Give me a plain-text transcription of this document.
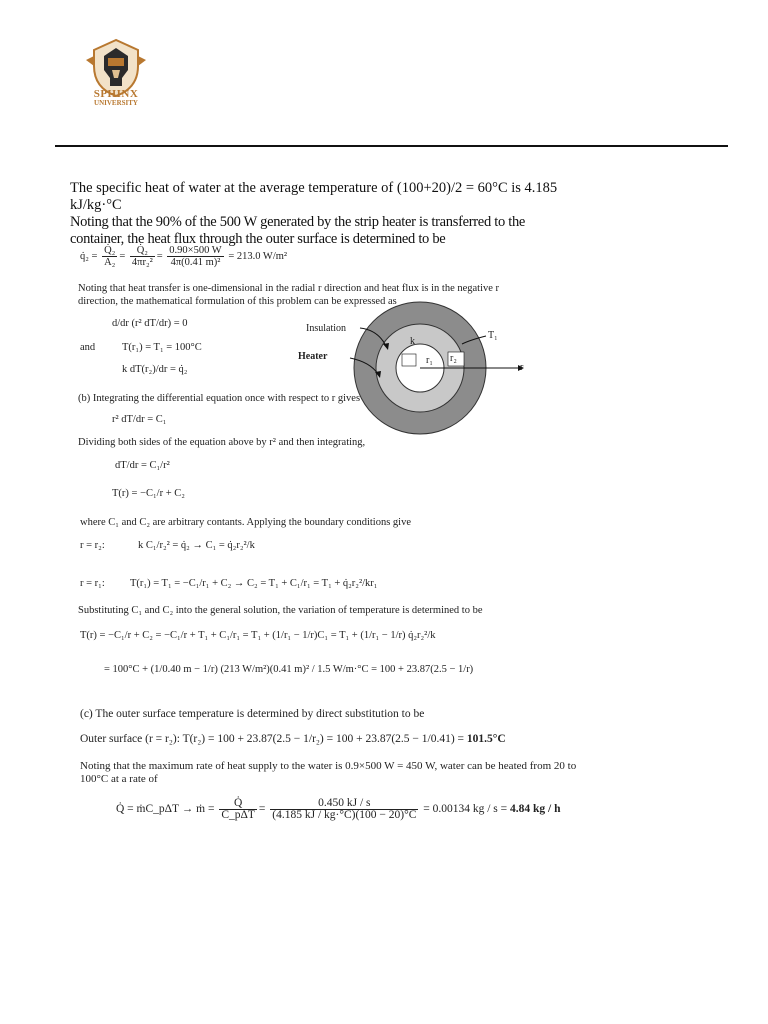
SPHINX
UNIVERSITY
The specific heat of water at the average temperature of (100+20)/2 = 60°C is 4.185 kJ/kg·°C
Noting that the 90% of the 500 W generated by the strip heater is transferred to the container, the heat flux through the outer surface is determined to be
q̇₂ = $\frac{\text{Q̇₂}}{\text{A₂}} = \frac{\text{Q̇₂}}{\text{4πr₂²}} = \frac{0.90\times 500 W}{\text{4π(0.41 m)²}} = 213.0$ W/m²
Noting that heat transfer is one-dimensional in the radial r direction and heat flux is in the negative r direction, the mathematical formulation of this problem can be expressed as
d/dr (r² dT/dr) = 0
and	T(r₁) = T₁ = 100°C
k dT(r₂)/dr = q̇₂
Insulation
Heater
T₁
k
r₁ r₂
r
(b) Integrating the differential equation once with respect to r gives
r² dT/dr = C₁
Dividing both sides of the equation above by r² and then integrating,
dT/dr = C₁/r²
T(r) = −C₁/r + C₂
where C₁ and C₂ are arbitrary contants. Applying the boundary conditions give
r = r₂:	k C₁/r₂² = q̇₂ → C₁ = q̇₂r₂²/k
r = r₁: T(r₁) = T₁ = −C₁/r₁ + C₂ → C₂ = T₁ + C₁/r₁ = T₁ + q̇₂r₂²/kr₁
Substituting C₁ and C₂ into the general solution, the variation of temperature is determined to be
T(r) = −C₁/r + C₂ = −C₁/r + T₁ + C₁/r₁ = T₁ + (1/r₁ − 1/r)C₁ = T₁ + (1/r₁ − 1/r) q̇₂r₂²/k
= 100°C + (1/0.40 m − 1/r) (213 W/m²)(0.41 m)² / 1.5 W/m·°C = 100 + 23.87(2.5 − 1/r)
(c) The outer surface temperature is determined by direct substitution to be
Outer surface (r = r₂): T(r₂) = 100 + 23.87(2.5 − 1/r₂) = 100 + 23.87(2.5 − 1/0.41) = 101.5°C
Noting that the maximum rate of heat supply to the water is 0.9×500 W = 450 W, water can be heated from 20 to 100°C at a rate of
Q̇ = ṁC_pΔT → ṁ = $\frac{Q̇}{\text{C\_pΔT}} = \frac{0.450 kJ / s}{(4.185 kJ / kg\cdot^\circ C)(100 - 20)^\circ C} = 0.00134$ kg / s = 4.84 kg / h
